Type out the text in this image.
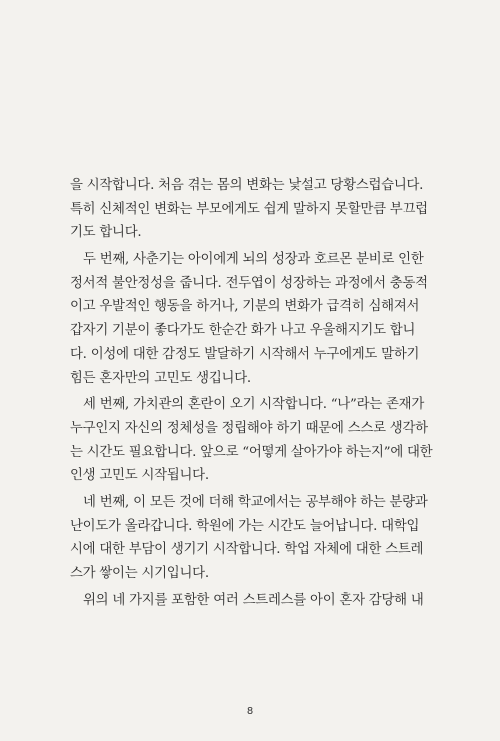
을 시작합니다. 처음 겪는 몸의 변화는 낯설고 당황스럽습니다.
특히 신체적인 변화는 부모에게도 쉽게 말하지 못할만큼 부끄럽
기도 합니다.
두 번째, 사춘기는 아이에게 뇌의 성장과 호르몬 분비로 인한
정서적 불안정성을 줍니다. 전두엽이 성장하는 과정에서 충동적
이고 우발적인 행동을 하거나, 기분의 변화가 급격히 심해져서
갑자기 기분이 좋다가도 한순간 화가 나고 우울해지기도 합니
다. 이성에 대한 감정도 발달하기 시작해서 누구에게도 말하기
힘든 혼자만의 고민도 생깁니다.
세 번째, 가치관의 혼란이 오기 시작합니다. “나”라는 존재가
누구인지 자신의 정체성을 정립해야 하기 때문에 스스로 생각하
는 시간도 필요합니다. 앞으로 “어떻게 살아가야 하는지”에 대한
인생 고민도 시작됩니다.
네 번째, 이 모든 것에 더해 학교에서는 공부해야 하는 분량과
난이도가 올라갑니다. 학원에 가는 시간도 늘어납니다. 대학입
시에 대한 부담이 생기기 시작합니다. 학업 자체에 대한 스트레
스가 쌓이는 시기입니다.
위의 네 가지를 포함한 여러 스트레스를 아이 혼자 감당해 내
8
